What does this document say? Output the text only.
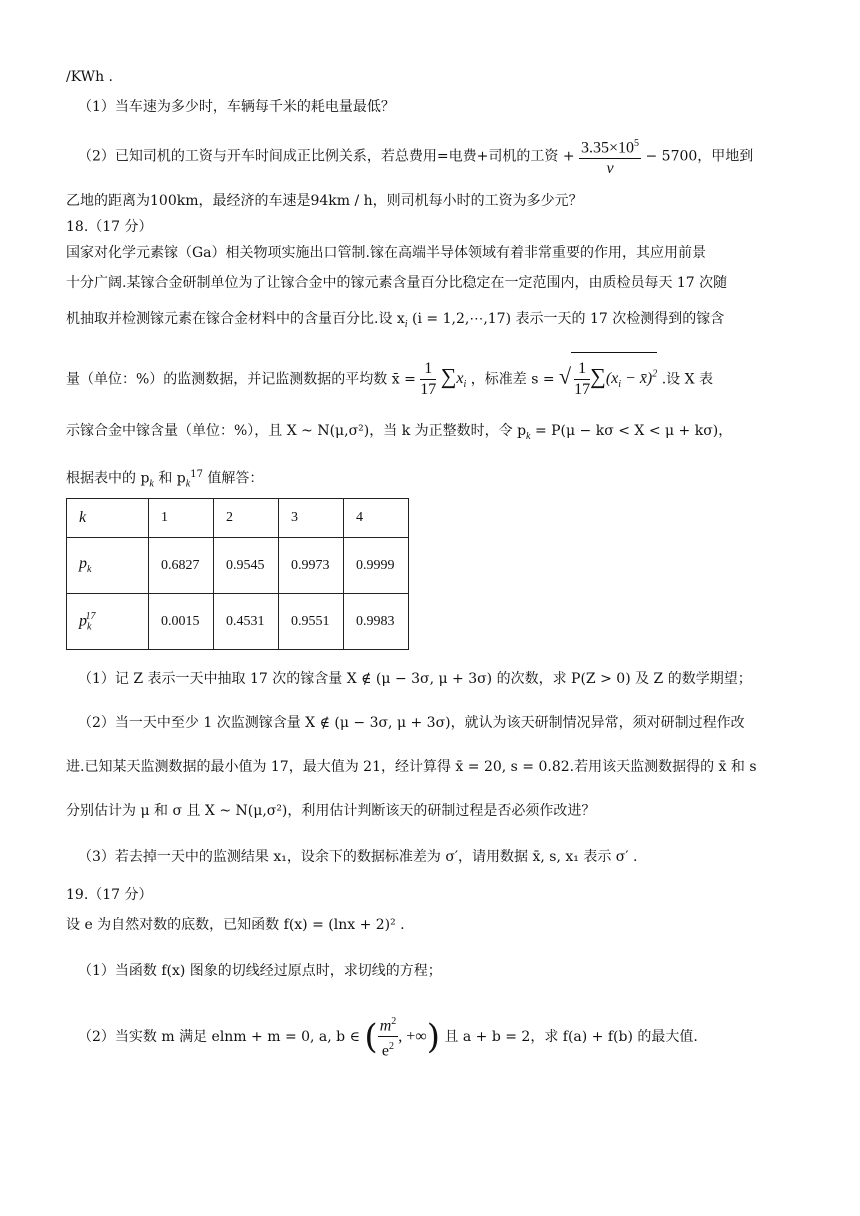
/KWh .
（1）当车速为多少时，车辆每千米的耗电量最低？
（2）已知司机的工资与开车时间成正比例关系，若总费用=电费+司机的工资 + $\frac{3.35\times 10^5}{v} - 5700$，甲地到
乙地的距离为100km，最经济的车速是94km / h，则司机每小时的工资为多少元？
18.（17 分）
国家对化学元素镓（Ga）相关物项实施出口管制.镓在高端半导体领域有着非常重要的作用，其应用前景
十分广阔.某镓合金研制单位为了让镓合金中的镓元素含量百分比稳定在一定范围内，由质检员每天 17 次随
机抽取并检测镓元素在镓合金材料中的含量百分比.设 $x_i$ (i = 1,2,⋯,17) 表示一天的 17 次检测得到的镓含
量（单位：%）的监测数据，并记监测数据的平均数 x̄ = $\frac{1}{17} \sum x_i$ ，标准差 s = √ $\frac{1}{17} \sum(x_i$ − x̄)$^2$ .设 X 表
示镓合金中镓含量（单位：%），且 X ~ N(μ,σ²)，当 k 为正整数时，令 $p_k = P(\mu - k\sigma < X < \mu + k\sigma)$，
根据表中的 $p_k$ 和 $p_k^{17}$ 值解答：
k	1	2	3	4
$p_k$	0.6827	0.9545	0.9973	0.9999
$p_k^{17}$	0.0015	0.4531	0.9551	0.9983
（1）记 Z 表示一天中抽取 17 次的镓含量 X ∉ (μ − 3σ, μ + 3σ) 的次数，求 P(Z > 0) 及 Z 的数学期望；
（2）当一天中至少 1 次监测镓含量 X ∉ (μ − 3σ, μ + 3σ)，就认为该天研制情况异常，须对研制过程作改
进.已知某天监测数据的最小值为 17，最大值为 21，经计算得 x̄ = 20, s = 0.82.若用该天监测数据得的 x̄ 和 s
分别估计为 μ 和 σ 且 X ~ N(μ,σ²)，利用估计判断该天的研制过程是否必须作改进？
（3）若去掉一天中的监测结果 x₁，设余下的数据标准差为 σ′，请用数据 x̄, s, x₁ 表示 σ′ .
19.（17 分）
设 e 为自然对数的底数，已知函数 f(x) = (lnx + 2)² .
（1）当函数 f(x) 图象的切线经过原点时，求切线的方程；
（2）当实数 m 满足 elnm + m = 0, a, b ∈ ( $\frac{m^2}{e^2}$ , +∞) 且 a + b = 2，求 f(a) + f(b) 的最大值.
